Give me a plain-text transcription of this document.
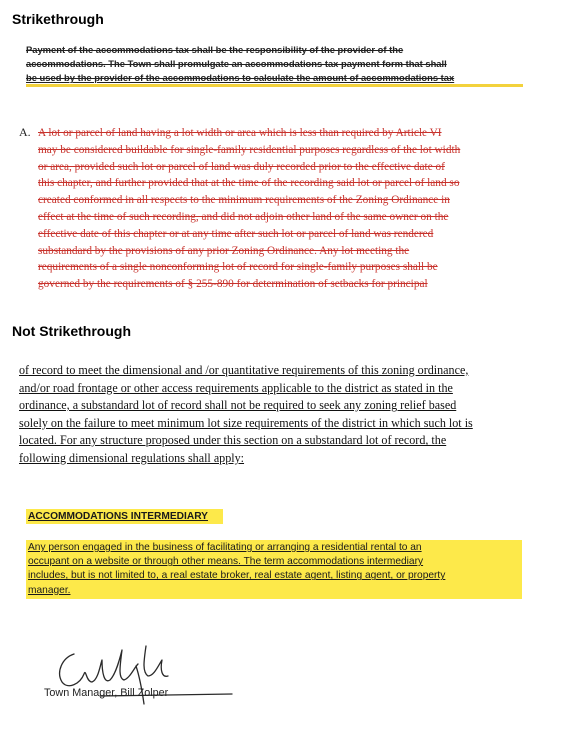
Strikethrough
Payment of the accommodations tax shall be the responsibility of the provider of the
accommodations. The Town shall promulgate an accommodations tax payment form that shall
be used by the provider of the accommodations to calculate the amount of accommodations tax
A. A lot or parcel of land having a lot width or area which is less than required by Article VI
may be considered buildable for single-family residential purposes regardless of the lot width
or area, provided such lot or parcel of land was duly recorded prior to the effective date of
this chapter, and further provided that at the time of the recording said lot or parcel of land so
created conformed in all respects to the minimum requirements of the Zoning Ordinance in
effect at the time of such recording, and did not adjoin other land of the same owner on the
effective date of this chapter or at any time after such lot or parcel of land was rendered
substandard by the provisions of any prior Zoning Ordinance. Any lot meeting the
requirements of a single nonconforming lot of record for single-family purposes shall be
governed by the requirements of § 255-890 for determination of setbacks for principal
Not Strikethrough
of record to meet the dimensional and /or quantitative requirements of this zoning ordinance,
and/or road frontage or other access requirements applicable to the district as stated in the
ordinance, a substandard lot of record shall not be required to seek any zoning relief based
solely on the failure to meet minimum lot size requirements of the district in which such lot is
located. For any structure proposed under this section on a substandard lot of record, the
following dimensional regulations shall apply:
ACCOMMODATIONS INTERMEDIARY
Any person engaged in the business of facilitating or arranging a residential rental to an
occupant on a website or through other means. The term accommodations intermediary
includes, but is not limited to, a real estate broker, real estate agent, listing agent, or property
manager.
Town Manager, Bill Zolper
